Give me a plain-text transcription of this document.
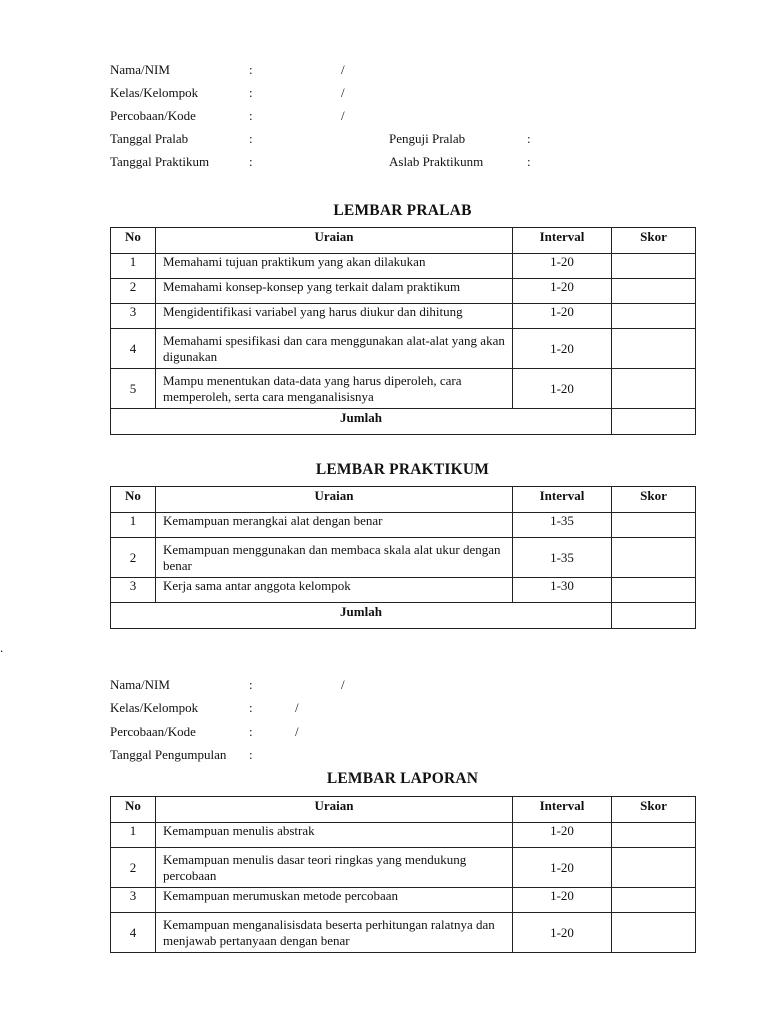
Nama/NIM	:	/
Kelas/Kelompok	:	/
Percobaan/Kode	:	/
Tanggal Pralab	:	Penguji Pralab	:
Tanggal Praktikum	:	Aslab Praktikunm	:
LEMBAR PRALAB
No	Uraian	Interval	Skor
1	Memahami tujuan praktikum yang akan dilakukan	1-20	
2	Memahami konsep-konsep yang terkait dalam praktikum	1-20	
3	Mengidentifikasi variabel yang harus diukur dan dihitung	1-20	
4	Memahami spesifikasi dan cara menggunakan alat-alat yang akan digunakan	1-20	
5	Mampu menentukan data-data yang harus diperoleh, cara memperoleh, serta cara menganalisisnya	1-20	
Jumlah			
LEMBAR PRAKTIKUM
No	Uraian	Interval	Skor
1	Kemampuan merangkai alat dengan benar	1-35	
2	Kemampuan menggunakan dan membaca skala alat ukur dengan benar	1-35	
3	Kerja sama antar anggota kelompok	1-30	
Jumlah			
.
Nama/NIM	:	/
Kelas/Kelompok	:	/
Percobaan/Kode	:	/
Tanggal Pengumpulan :
LEMBAR LAPORAN
No	Uraian	Interval	Skor
1	Kemampuan menulis abstrak	1-20	
2	Kemampuan menulis dasar teori ringkas yang mendukung percobaan	1-20	
3	Kemampuan merumuskan metode percobaan	1-20	
4	Kemampuan menganalisisdata beserta perhitungan ralatnya dan menjawab pertanyaan dengan benar	1-20	
